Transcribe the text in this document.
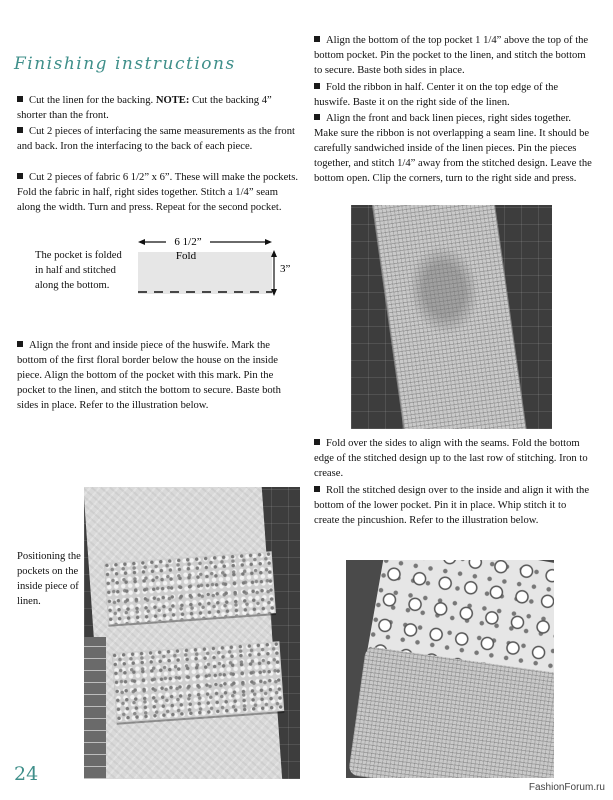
Finishing instructions
Cut the linen for the backing. NOTE: Cut the backing 4” shorter than the front.
Cut 2 pieces of interfacing the same measurements as the front and back. Iron the interfacing to the back of each piece.
Cut 2 pieces of fabric 6 1/2” x 6”. These will make the pockets. Fold the fabric in half, right sides together. Stitch a 1/4” seam along the width. Turn and press. Repeat for the second pocket.
The pocket is folded in half and stitched along the bottom.
6 1/2”
Fold
3”
Align the front and inside piece of the huswife. Mark the bottom of the first floral border below the house on the inside piece. Align the bottom of the pocket with this mark. Pin the pocket to the linen, and stitch the bottom to secure. Baste both sides in place. Refer to the illustration below.
Align the bottom of the top pocket 1 1/4” above the top of the bottom pocket. Pin the pocket to the linen, and stitch the bottom to secure. Baste both sides in place.
Fold the ribbon in half. Center it on the top edge of the huswife. Baste it on the right side of the linen.
Align the front and back linen pieces, right sides together. Make sure the ribbon is not overlapping a seam line. It should be carefully sandwiched inside of the linen pieces. Pin the pieces together, and stitch 1/4” away from the stitched design. Leave the bottom open. Clip the corners, turn to the right side and press.
Fold over the sides to align with the seams. Fold the bottom edge of the stitched design up to the last row of stitching. Iron to crease.
Roll the stitched design over to the inside and align it with the bottom of the lower pocket. Pin it in place. Whip stitch it to create the pincushion. Refer to the illustration below.
Positioning the pockets on the inside piece of linen.
24
FashionForum.ru
